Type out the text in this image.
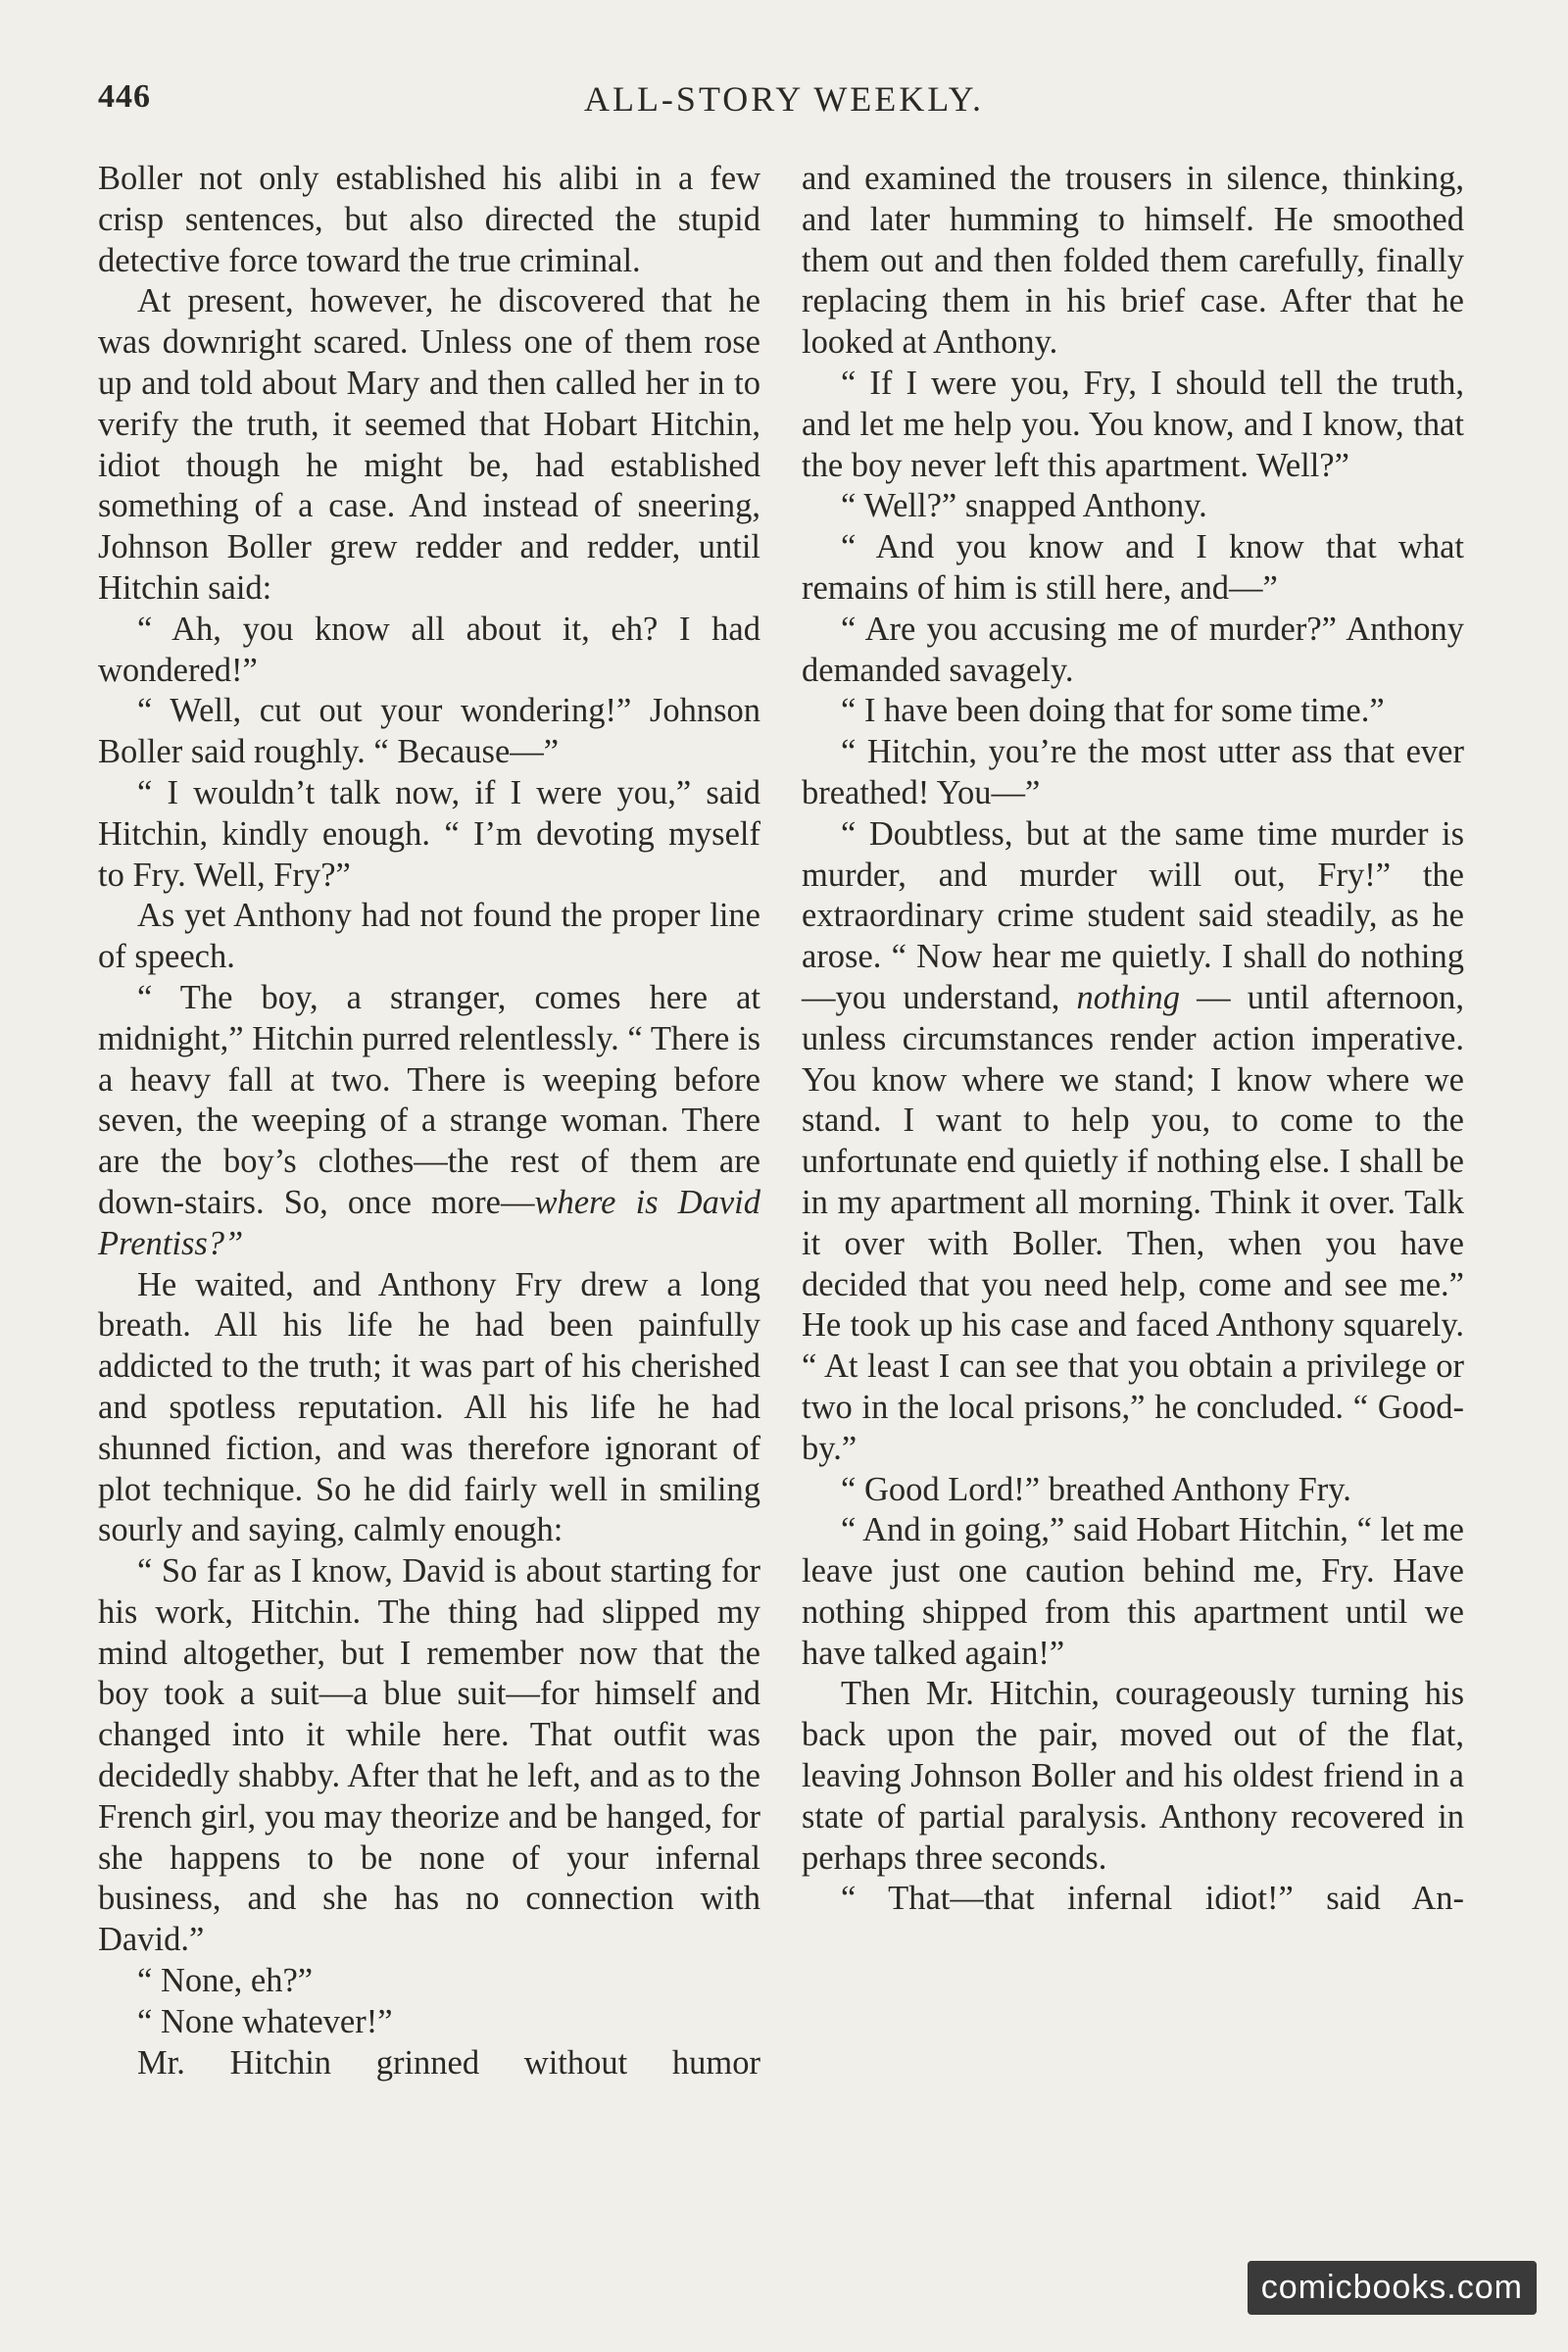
446	ALL-STORY WEEKLY.

Boller not only established his alibi in a few crisp sentences, but also directed the stupid detective force toward the true criminal.

At present, however, he discovered that he was downright scared. Unless one of them rose up and told about Mary and then called her in to verify the truth, it seemed that Hobart Hitchin, idiot though he might be, had established something of a case. And instead of sneering, Johnson Boller grew redder and redder, until Hitchin said:

“ Ah, you know all about it, eh? I had wondered!”

“ Well, cut out your wondering!” Johnson Boller said roughly. “ Because—”

“ I wouldn’t talk now, if I were you,” said Hitchin, kindly enough. “ I’m devoting myself to Fry. Well, Fry?”

As yet Anthony had not found the proper line of speech.

“ The boy, a stranger, comes here at midnight,” Hitchin purred relentlessly. “ There is a heavy fall at two. There is weeping before seven, the weeping of a strange woman. There are the boy’s clothes—the rest of them are down-stairs. So, once more—where is David Prentiss?”

He waited, and Anthony Fry drew a long breath. All his life he had been painfully addicted to the truth; it was part of his cherished and spotless reputation. All his life he had shunned fiction, and was therefore ignorant of plot technique. So he did fairly well in smiling sourly and saying, calmly enough:

“ So far as I know, David is about starting for his work, Hitchin. The thing had slipped my mind altogether, but I remember now that the boy took a suit—a blue suit—for himself and changed into it while here. That outfit was decidedly shabby. After that he left, and as to the French girl, you may theorize and be hanged, for she happens to be none of your infernal business, and she has no connection with David.”

“ None, eh?”

“ None whatever!”

Mr. Hitchin grinned without humor

and examined the trousers in silence, thinking, and later humming to himself. He smoothed them out and then folded them carefully, finally replacing them in his brief case. After that he looked at Anthony.

“ If I were you, Fry, I should tell the truth, and let me help you. You know, and I know, that the boy never left this apartment. Well?”

“ Well?” snapped Anthony.

“ And you know and I know that what remains of him is still here, and—”

“ Are you accusing me of murder?” Anthony demanded savagely.

“ I have been doing that for some time.”

“ Hitchin, you’re the most utter ass that ever breathed! You—”

“ Doubtless, but at the same time murder is murder, and murder will out, Fry!” the extraordinary crime student said steadily, as he arose. “ Now hear me quietly. I shall do nothing—you understand, nothing — until afternoon, unless circumstances render action imperative. You know where we stand; I know where we stand. I want to help you, to come to the unfortunate end quietly if nothing else. I shall be in my apartment all morning. Think it over. Talk it over with Boller. Then, when you have decided that you need help, come and see me.” He took up his case and faced Anthony squarely. “ At least I can see that you obtain a privilege or two in the local prisons,” he concluded. “ Good-by.”

“ Good Lord!” breathed Anthony Fry.

“ And in going,” said Hobart Hitchin, “ let me leave just one caution behind me, Fry. Have nothing shipped from this apartment until we have talked again!”

Then Mr. Hitchin, courageously turning his back upon the pair, moved out of the flat, leaving Johnson Boller and his oldest friend in a state of partial paralysis. Anthony recovered in perhaps three seconds.

“ That—that infernal idiot!” said An-

comicbooks.com
